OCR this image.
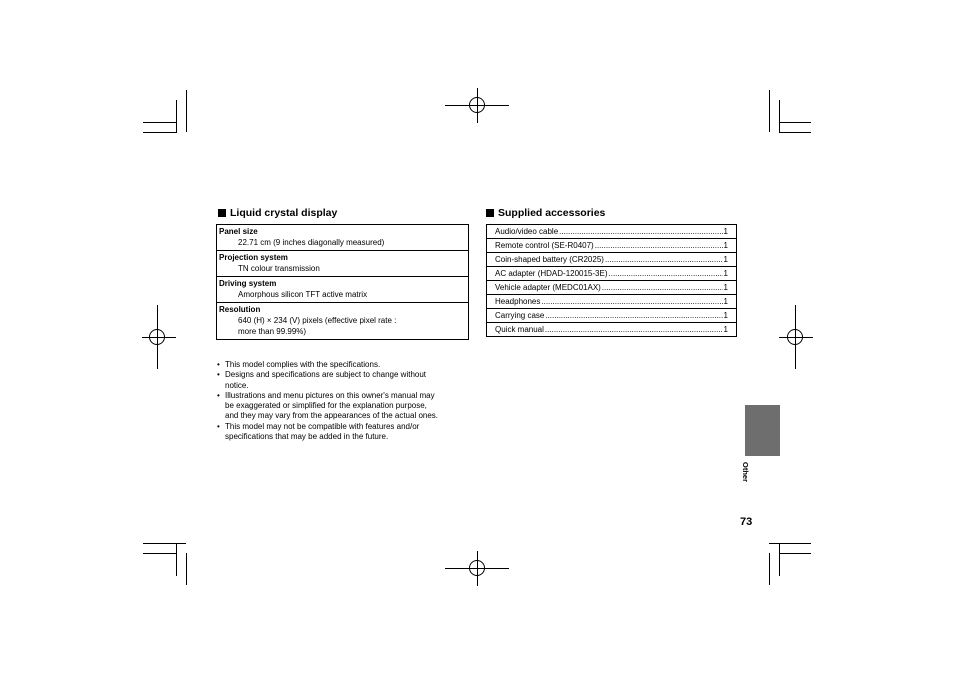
Liquid crystal display
Panel size
22.71 cm (9 inches diagonally measured)
Projection system
TN colour transmission
Driving system
Amorphous silicon TFT active matrix
Resolution
640 (H) × 234 (V) pixels (effective pixel rate :
more than 99.99%)
Supplied accessories
Audio/video cable .....	1
Remote control (SE-R0407) .....	1
Coin-shaped battery (CR2025) .....	1
AC adapter (HDAD-120015-3E) .....	1
Vehicle adapter (MEDC01AX) .....	1
Headphones .....	1
Carrying case .....	1
Quick manual .....	1
• This model complies with the specifications.
• Designs and specifications are subject to change without
notice.
• Illustrations and menu pictures on this owner's manual may
be exaggerated or simplified for the explanation purpose,
and they may vary from the appearances of the actual ones.
• This model may not be compatible with features and/or
specifications that may be added in the future.
Other
73
